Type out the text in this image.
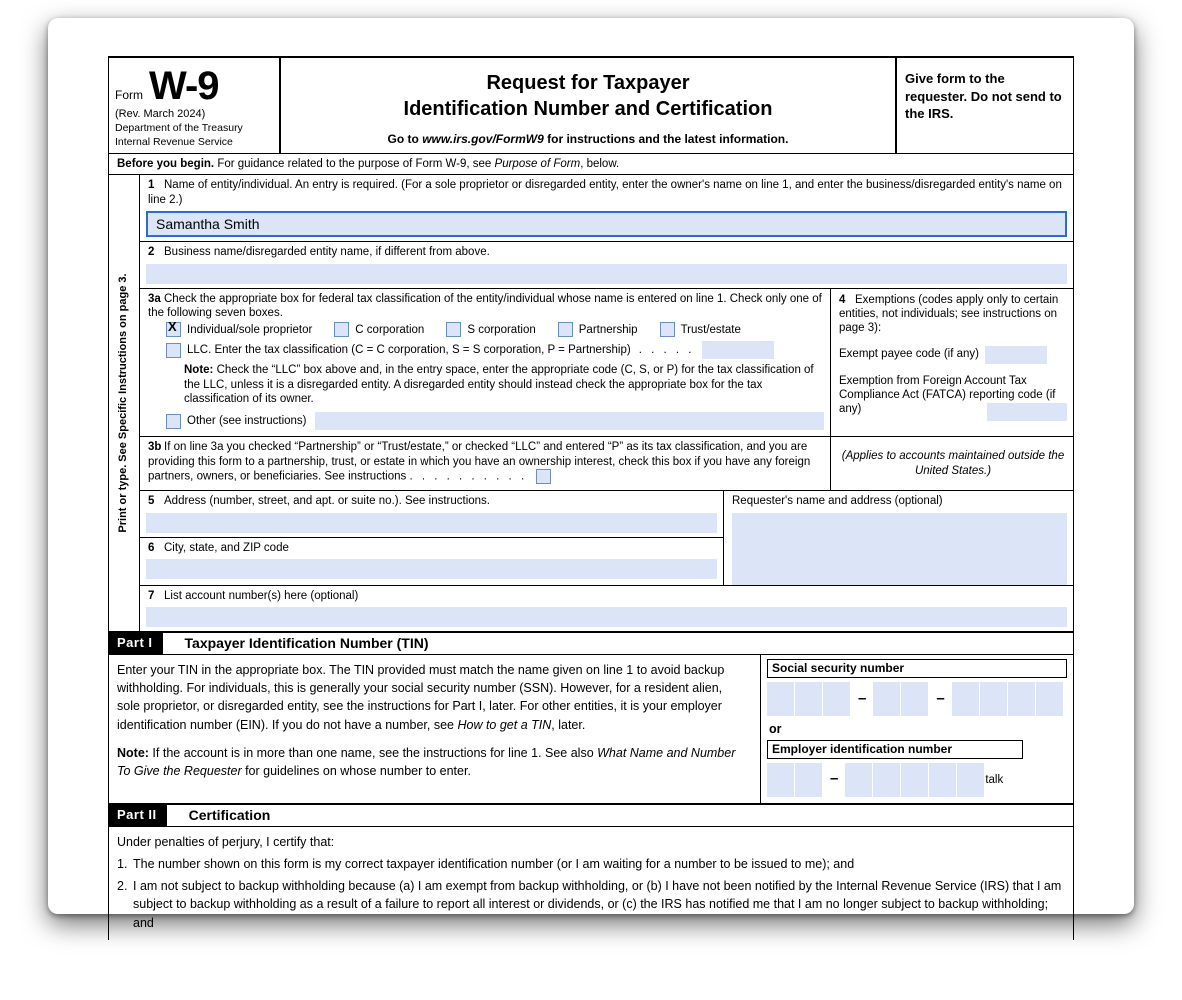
Form W-9
(Rev. March 2024)
Department of the Treasury
Internal Revenue Service
Request for Taxpayer
Identification Number and Certification
Go to www.irs.gov/FormW9 for instructions and the latest information.
Give form to the requester. Do not send to the IRS.
Before you begin. For guidance related to the purpose of Form W-9, see Purpose of Form, below.
Print or type. See Specific Instructions on page 3.
1 Name of entity/individual. An entry is required. (For a sole proprietor or disregarded entity, enter the owner's name on line 1, and enter the business/disregarded entity's name on line 2.)
Samantha Smith
2 Business name/disregarded entity name, if different from above.
3a Check the appropriate box for federal tax classification of the entity/individual whose name is entered on line 1. Check only one of the following seven boxes.
X
Individual/sole proprietor	C corporation	S corporation	Partnership	Trust/estate
LLC. Enter the tax classification (C = C corporation, S = S corporation, P = Partnership) . . . . .
Note: Check the “LLC” box above and, in the entry space, enter the appropriate code (C, S, or P) for the tax classification of the LLC, unless it is a disregarded entity. A disregarded entity should instead check the appropriate box for the tax classification of its owner.
Other (see instructions)
4 Exemptions (codes apply only to certain entities, not individuals; see instructions on page 3):
Exempt payee code (if any)
Exemption from Foreign Account Tax Compliance Act (FATCA) reporting code (if any)
3b If on line 3a you checked “Partnership” or “Trust/estate,” or checked “LLC” and entered “P” as its tax classification, and you are providing this form to a partnership, trust, or estate in which you have an ownership interest, check this box if you have any foreign partners, owners, or beneficiaries. See instructions . . . . . . . . . .
(Applies to accounts maintained outside the United States.)
5 Address (number, street, and apt. or suite no.). See instructions.
6 City, state, and ZIP code
Requester's name and address (optional)
7 List account number(s) here (optional)
Part I	Taxpayer Identification Number (TIN)

Enter your TIN in the appropriate box. The TIN provided must match the name given on line 1 to avoid backup withholding. For individuals, this is generally your social security number (SSN). However, for a resident alien, sole proprietor, or disregarded entity, see the instructions for Part I, later. For other entities, it is your employer identification number (EIN). If you do not have a number, see How to get a TIN, later.

Note: If the account is in more than one name, see the instructions for line 1. See also What Name and Number To Give the Requester for guidelines on whose number to enter.

Social security number
–	–
or
Employer identification number
–	talk
Part II	Certification

Under penalties of perjury, I certify that:

1. The number shown on this form is my correct taxpayer identification number (or I am waiting for a number to be issued to me); and
2. I am not subject to backup withholding because (a) I am exempt from backup withholding, or (b) I have not been notified by the Internal Revenue Service (IRS) that I am subject to backup withholding as a result of a failure to report all interest or dividends, or (c) the IRS has notified me that I am no longer subject to backup withholding; and
